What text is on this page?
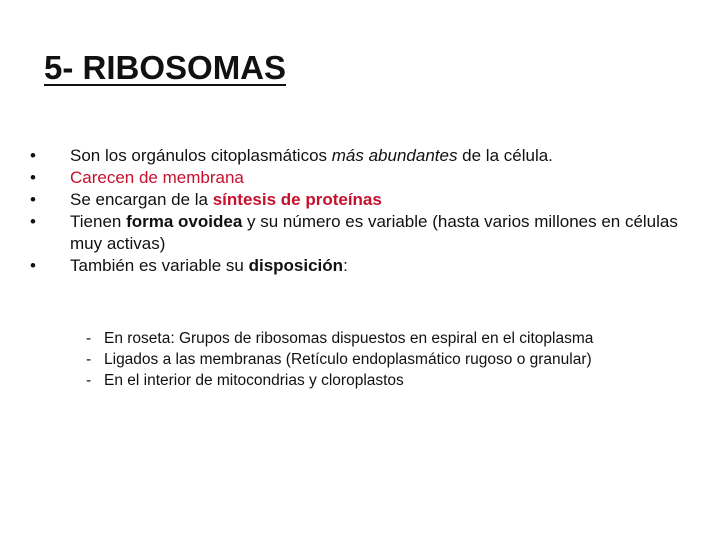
5- RIBOSOMAS
•	Son los orgánulos citoplasmáticos más abundantes de la célula.
•	Carecen de membrana
•	Se encargan de la síntesis de proteínas
•	Tienen forma ovoidea y su número es variable (hasta varios millones en células muy activas)
•	También es variable su disposición:
- En roseta: Grupos de ribosomas dispuestos en espiral en el citoplasma
- Ligados a las membranas (Retículo endoplasmático rugoso o granular)
- En el interior de mitocondrias y cloroplastos
